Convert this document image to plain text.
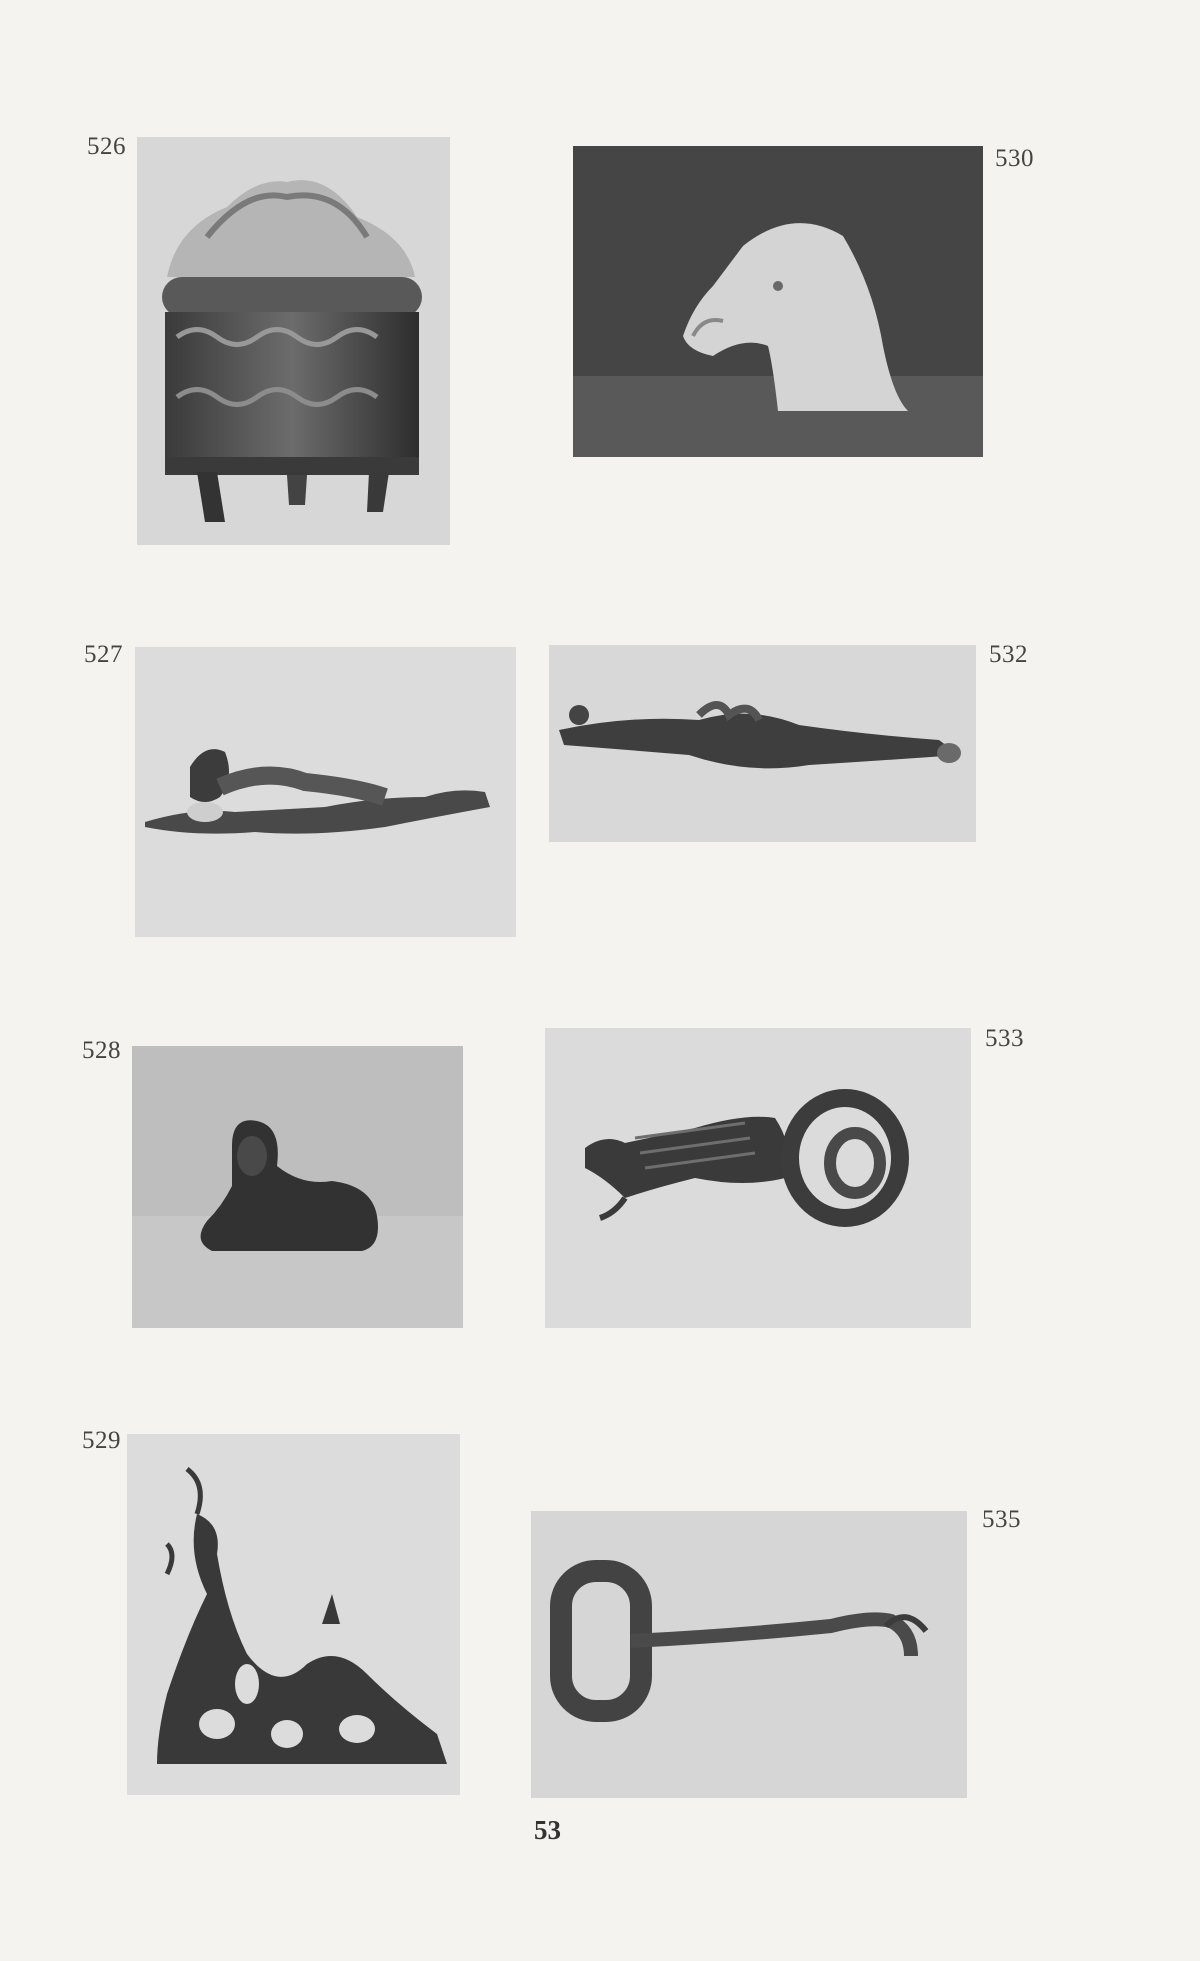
526	530
527	532
528	533
529
535
53
